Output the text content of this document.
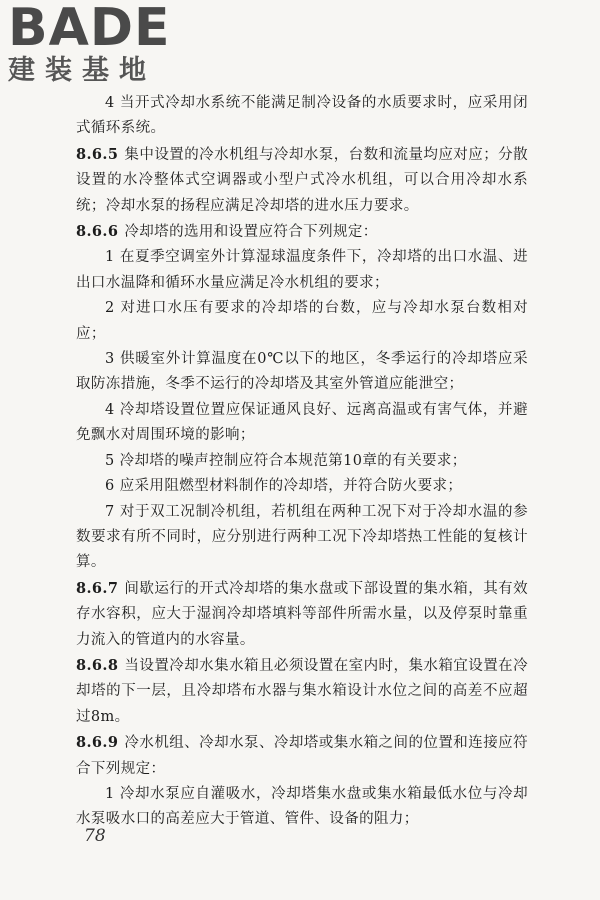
BADE
建装基地

4 当开式冷却水系统不能满足制冷设备的水质要求时，应采用闭式循环系统。

8.6.5 集中设置的冷水机组与冷却水泵，台数和流量均应对应；分散设置的水冷整体式空调器或小型户式冷水机组，可以合用冷却水系统；冷却水泵的扬程应满足冷却塔的进水压力要求。

8.6.6 冷却塔的选用和设置应符合下列规定：

1 在夏季空调室外计算湿球温度条件下，冷却塔的出口水温、进出口水温降和循环水量应满足冷水机组的要求；

2 对进口水压有要求的冷却塔的台数，应与冷却水泵台数相对应；

3 供暖室外计算温度在0℃以下的地区，冬季运行的冷却塔应采取防冻措施，冬季不运行的冷却塔及其室外管道应能泄空；

4 冷却塔设置位置应保证通风良好、远离高温或有害气体，并避免飘水对周围环境的影响；

5 冷却塔的噪声控制应符合本规范第10章的有关要求；

6 应采用阻燃型材料制作的冷却塔，并符合防火要求；

7 对于双工况制冷机组，若机组在两种工况下对于冷却水温的参数要求有所不同时，应分别进行两种工况下冷却塔热工性能的复核计算。

8.6.7 间歇运行的开式冷却塔的集水盘或下部设置的集水箱，其有效存水容积，应大于湿润冷却塔填料等部件所需水量，以及停泵时靠重力流入的管道内的水容量。

8.6.8 当设置冷却水集水箱且必须设置在室内时，集水箱宜设置在冷却塔的下一层，且冷却塔布水器与集水箱设计水位之间的高差不应超过8m。

8.6.9 冷水机组、冷却水泵、冷却塔或集水箱之间的位置和连接应符合下列规定：

1 冷却水泵应自灌吸水，冷却塔集水盘或集水箱最低水位与冷却水泵吸水口的高差应大于管道、管件、设备的阻力；

78
